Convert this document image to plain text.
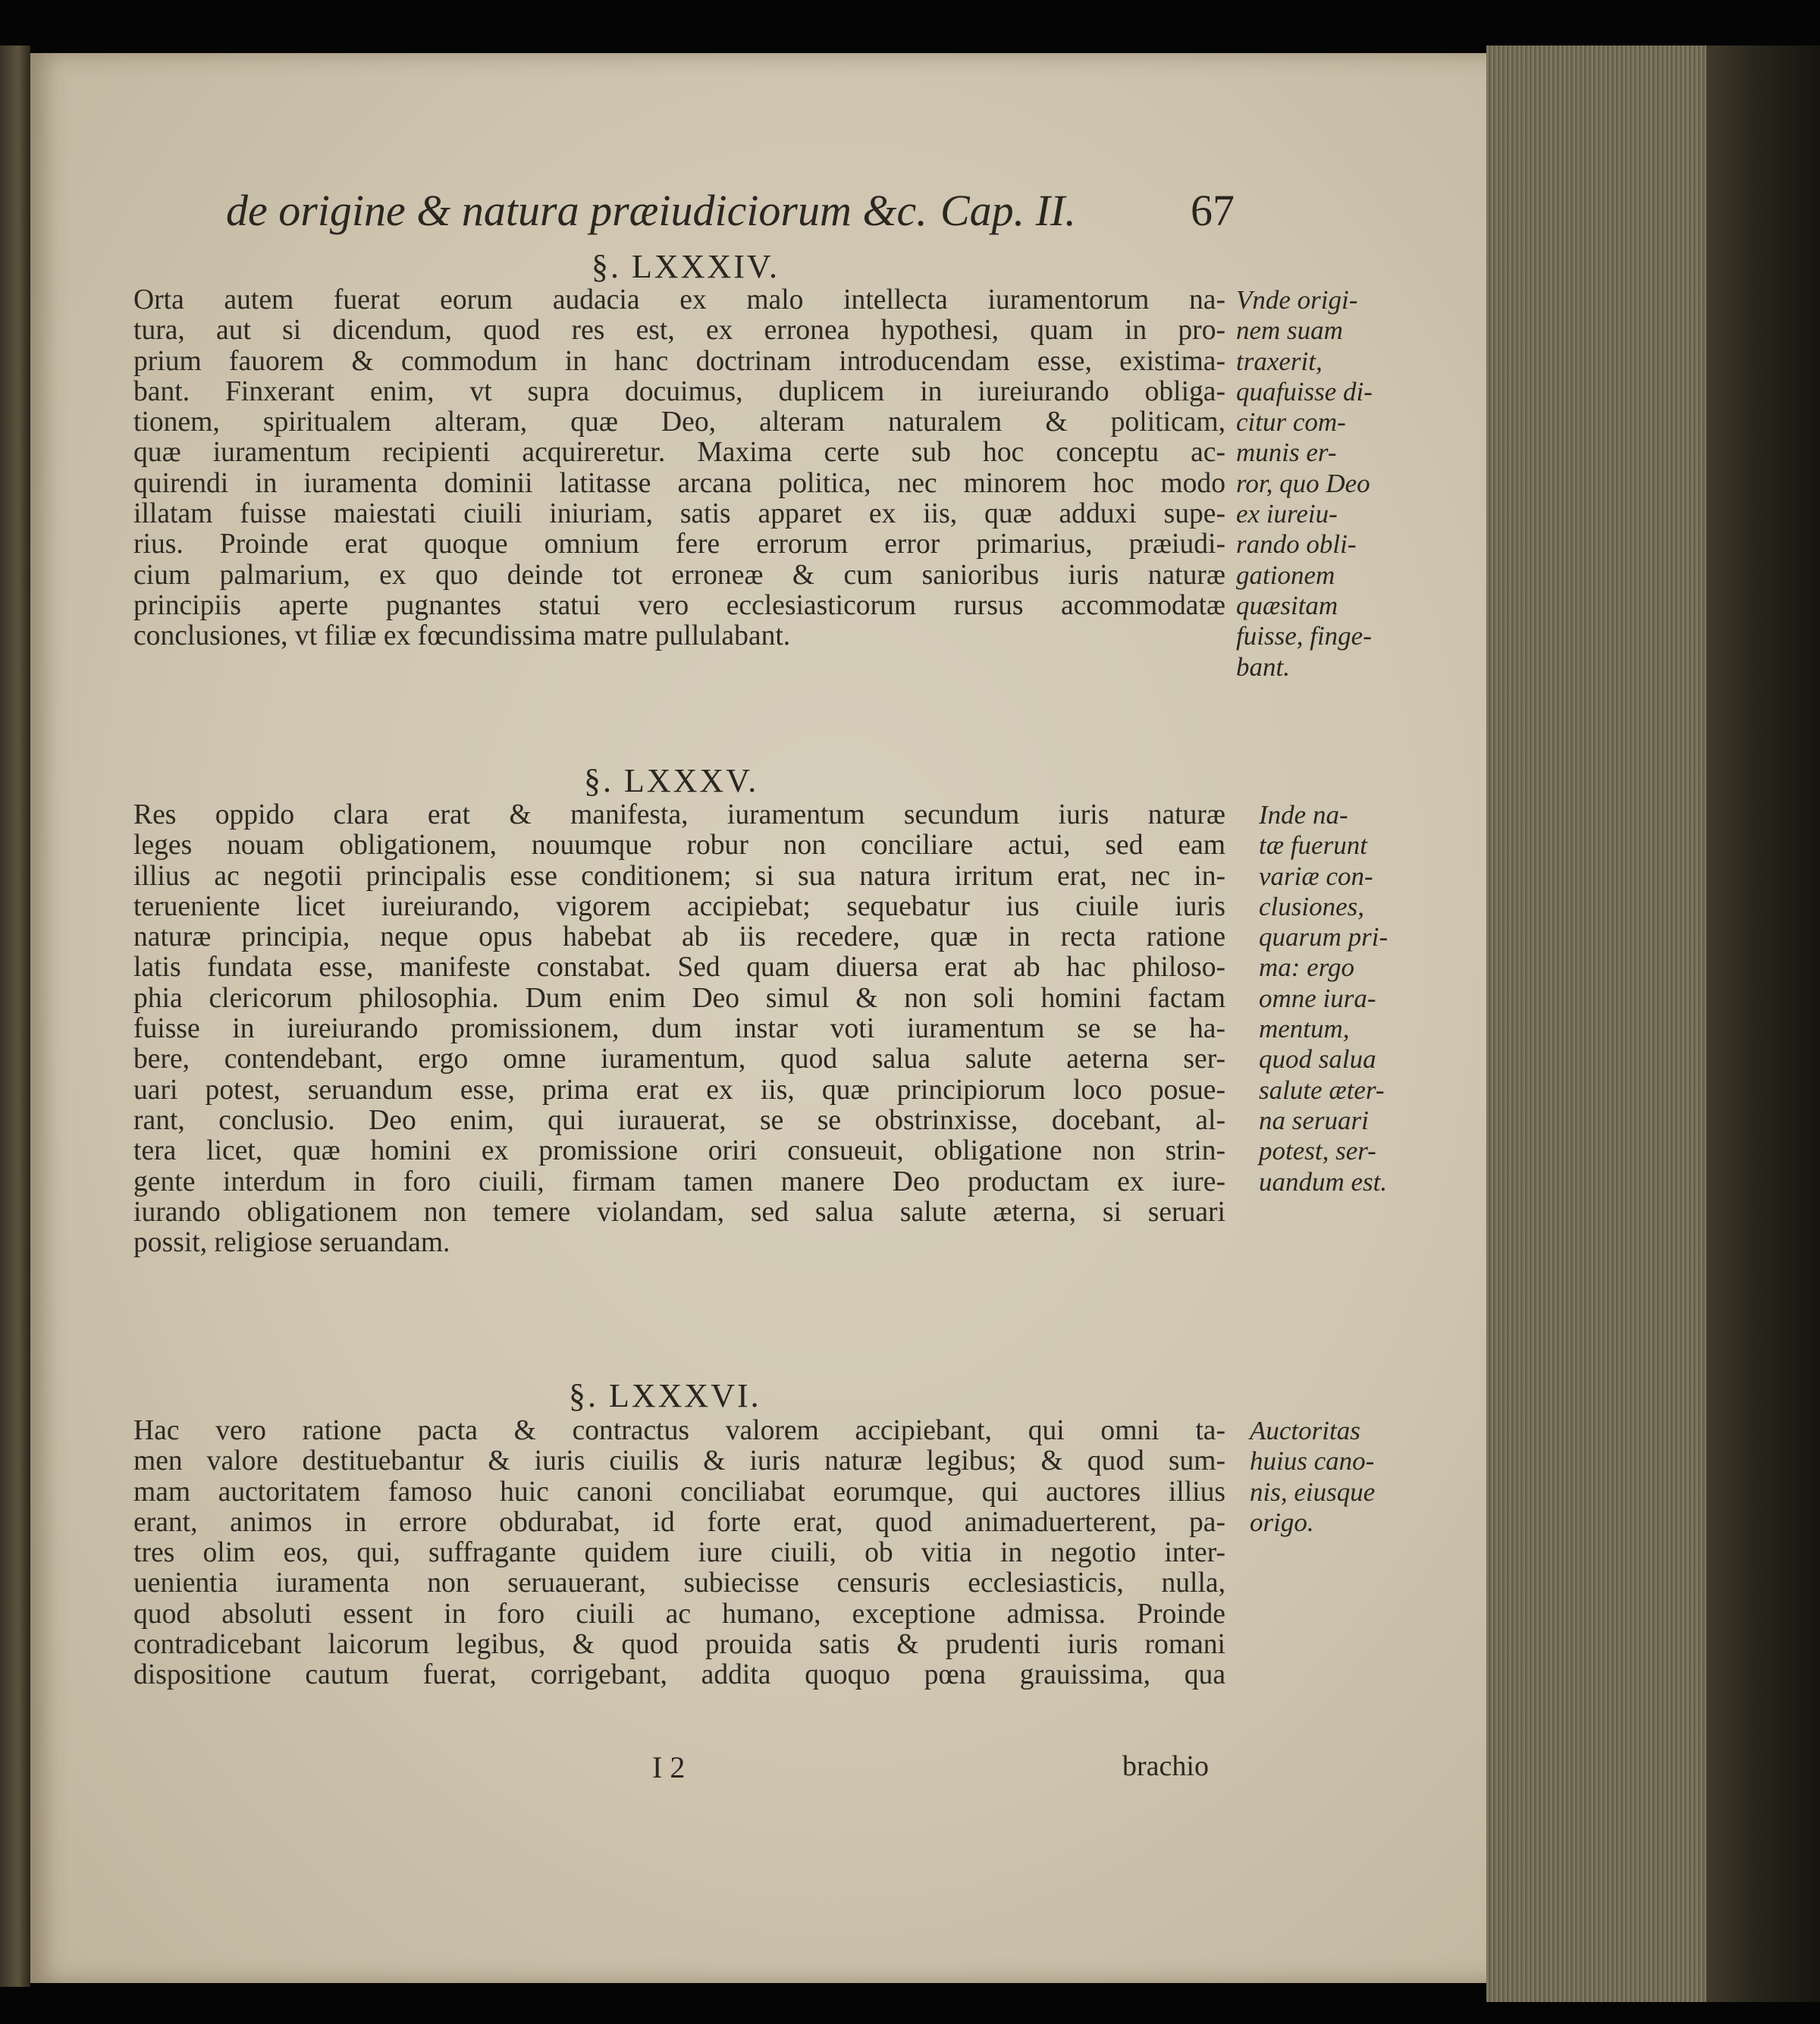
de origine & natura præiudiciorum &c. Cap. II.	67
§. LXXXIV.
Orta autem fuerat eorum audacia ex malo intellecta iuramentorum na-
tura, aut si dicendum, quod res est, ex erronea hypothesi, quam in pro-
prium fauorem & commodum in hanc doctrinam introducendam esse, existima-
bant. Finxerant enim, vt supra docuimus, duplicem in iureiurando obliga-
tionem, spiritualem alteram, quæ Deo, alteram naturalem & politicam,
quæ iuramentum recipienti acquireretur. Maxima certe sub hoc conceptu ac-
quirendi in iuramenta dominii latitasse arcana politica, nec minorem hoc modo
illatam fuisse maiestati ciuili iniuriam, satis apparet ex iis, quæ adduxi supe-
rius. Proinde erat quoque omnium fere errorum error primarius, præiudi-
cium palmarium, ex quo deinde tot erroneæ & cum sanioribus iuris naturæ
principiis aperte pugnantes statui vero ecclesiasticorum rursus accommodatæ
conclusiones, vt filiæ ex fœcundissima matre pullulabant.
Vnde origi-
nem suam
traxerit,
quafuisse di-
citur com-
munis er-
ror, quo Deo
ex iureiu-
rando obli-
gationem
quæsitam
fuisse, finge-
bant.
§. LXXXV.
Res oppido clara erat & manifesta, iuramentum secundum iuris naturæ
leges nouam obligationem, nouumque robur non conciliare actui, sed eam
illius ac negotii principalis esse conditionem; si sua natura irritum erat, nec in-
teruenientе licet iureiurando, vigorem accipiebat; sequebatur ius ciuile iuris
naturæ principia, neque opus habebat ab iis recedere, quæ in recta ratione
latis fundata esse, manifeste constabat. Sed quam diuersa erat ab hac philoso-
phia clericorum philosophia. Dum enim Deo simul & non soli homini factam
fuisse in iureiurando promissionem, dum instar voti iuramentum se se ha-
bere, contendebant, ergo omne iuramentum, quod salua salute aeterna ser-
uari potest, seruandum esse, prima erat ex iis, quæ principiorum loco posue-
rant, conclusio. Deo enim, qui iurauerat, se se obstrinxisse, docebant, al-
tera licet, quæ homini ex promissione oriri consueuit, obligatione non strin-
gente interdum in foro ciuili, firmam tamen manere Deo productam ex iure-
iurando obligationem non temere violandam, sed salua salute æterna, si seruari
possit, religiose seruandam.
Inde na-
tæ fuerunt
variæ con-
clusiones,
quarum pri-
ma: ergo
omne iura-
mentum,
quod salua
salute æter-
na seruari
potest, ser-
uandum est.
§. LXXXVI.
Hac vero ratione pacta & contractus valorem accipiebant, qui omni ta-
men valore destituebantur & iuris ciuilis & iuris naturæ legibus; & quod sum-
mam auctoritatem famoso huic canoni conciliabat eorumque, qui auctores illius
erant, animos in errore obdurabat, id forte erat, quod animaduerterent, pa-
tres olim eos, qui, suffragante quidem iure ciuili, ob vitia in negotio inter-
uenientia iuramenta non seruauerant, subiecisse censuris ecclesiasticis, nulla,
quod absoluti essent in foro ciuili ac humano, exceptione admissa. Proinde
contradicebant laicorum legibus, & quod prouida satis & prudenti iuris romani
dispositione cautum fuerat, corrigebant, addita quoquo pœna grauissima, qua
Auctoritas
huius cano-
nis, eiusque
origo.
I 2	brachio
